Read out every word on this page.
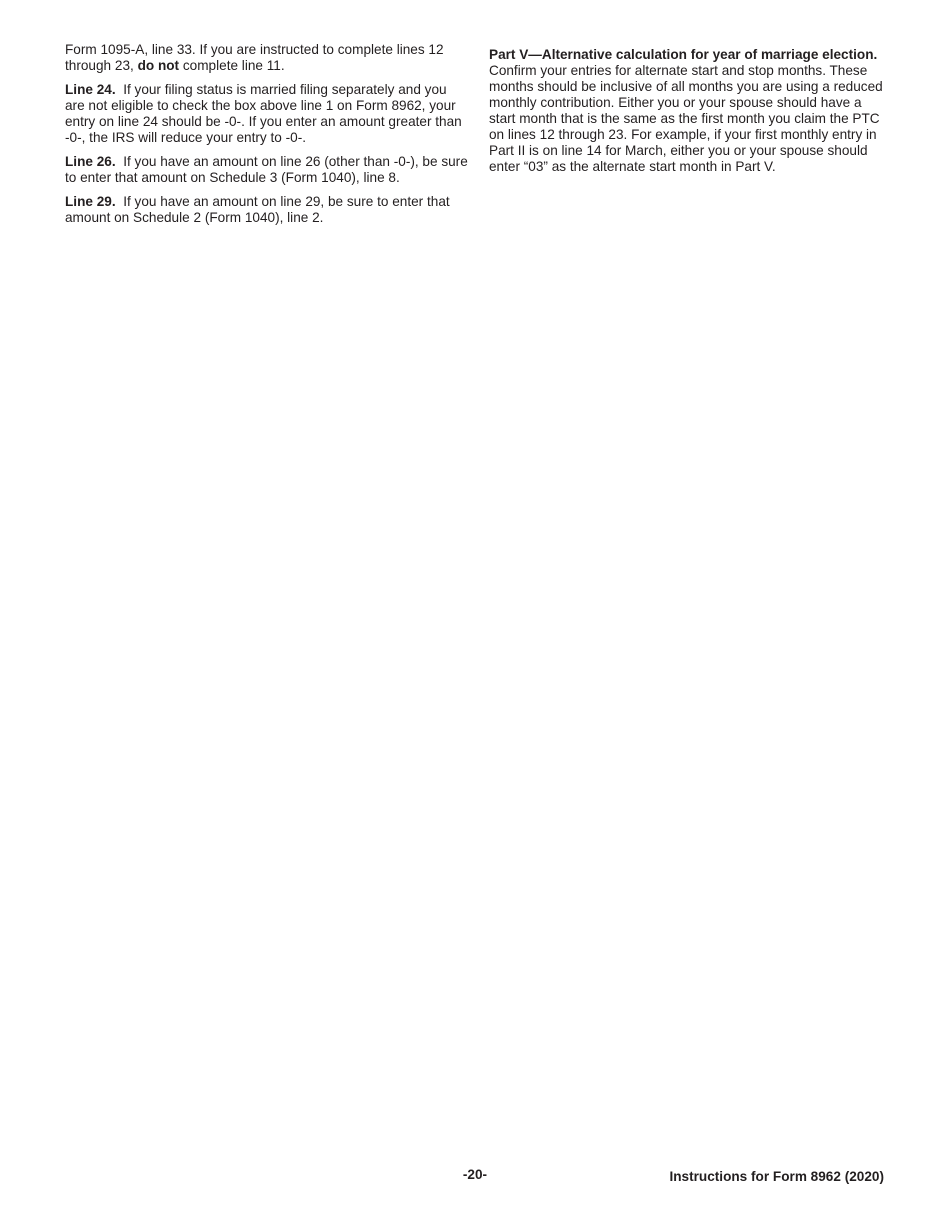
Form 1095-A, line 33. If you are instructed to complete lines 12 through 23, do not complete line 11.

Line 24. If your filing status is married filing separately and you are not eligible to check the box above line 1 on Form 8962, your entry on line 24 should be -0-. If you enter an amount greater than -0-, the IRS will reduce your entry to -0-.

Line 26. If you have an amount on line 26 (other than -0-), be sure to enter that amount on Schedule 3 (Form 1040), line 8.

Line 29. If you have an amount on line 29, be sure to enter that amount on Schedule 2 (Form 1040), line 2.

Part V—Alternative calculation for year of marriage election.  Confirm your entries for alternate start and stop months. These months should be inclusive of all months you are using a reduced monthly contribution. Either you or your spouse should have a start month that is the same as the first month you claim the PTC on lines 12 through 23. For example, if your first monthly entry in Part II is on line 14 for March, either you or your spouse should enter “03” as the alternate start month in Part V.

-20-	Instructions for Form 8962 (2020)
